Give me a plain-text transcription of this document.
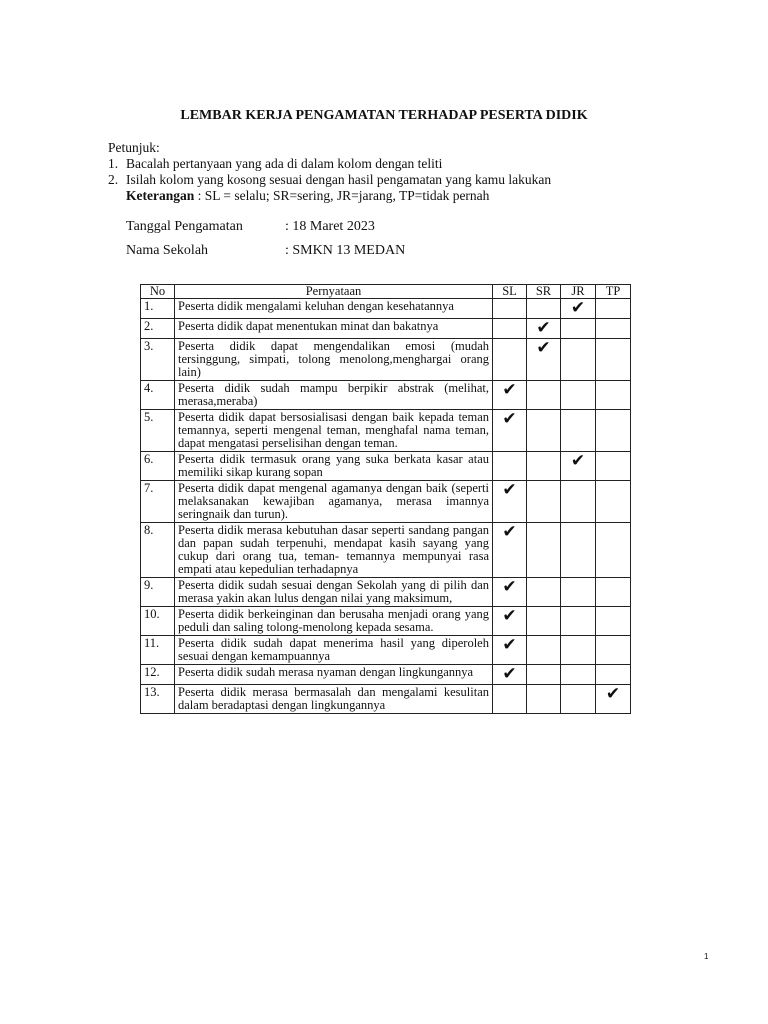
LEMBAR KERJA PENGAMATAN TERHADAP PESERTA DIDIK
Petunjuk:
1. Bacalah pertanyaan yang ada di dalam kolom dengan teliti
2. Isilah kolom yang kosong sesuai dengan hasil pengamatan yang kamu lakukan
Keterangan : SL = selalu; SR=sering, JR=jarang, TP=tidak pernah
Tanggal Pengamatan	: 18 Maret 2023
Nama Sekolah	: SMKN 13 MEDAN
No	Pernyataan	SL	SR	JR	TP
1.	Peserta didik mengalami keluhan dengan kesehatannya			✔	
2.	Peserta didik dapat menentukan minat dan bakatnya		✔		
3.	Peserta didik dapat mengendalikan emosi (mudah tersinggung, simpati, tolong menolong,menghargai orang lain)		✔		
4.	Peserta didik sudah mampu berpikir abstrak (melihat, merasa,meraba)	✔			
5.	Peserta didik dapat bersosialisasi dengan baik kepada teman temannya, seperti mengenal teman, menghafal nama teman, dapat mengatasi perselisihan dengan teman.	✔			
6.	Peserta didik termasuk orang yang suka berkata kasar atau memiliki sikap kurang sopan			✔	
7.	Peserta didik dapat mengenal agamanya dengan baik (seperti melaksanakan kewajiban agamanya, merasa imannya seringnaik dan turun).	✔			
8.	Peserta didik merasa kebutuhan dasar seperti sandang pangan dan papan sudah terpenuhi, mendapat kasih sayang yang cukup dari orang tua, teman- temannya mempunyai rasa empati atau kepedulian terhadapnya	✔			
9.	Peserta didik sudah sesuai dengan Sekolah yang di pilih dan merasa yakin akan lulus dengan nilai yang maksimum,	✔			
10.	Peserta didik berkeinginan dan berusaha menjadi orang yang peduli dan saling tolong-menolong kepada sesama.	✔			
11.	Peserta didik sudah dapat menerima hasil yang diperoleh sesuai dengan kemampuannya	✔			
12.	Peserta didik sudah merasa nyaman dengan lingkungannya	✔			
13.	Peserta didik merasa bermasalah dan mengalami kesulitan dalam beradaptasi dengan lingkungannya				✔
1
